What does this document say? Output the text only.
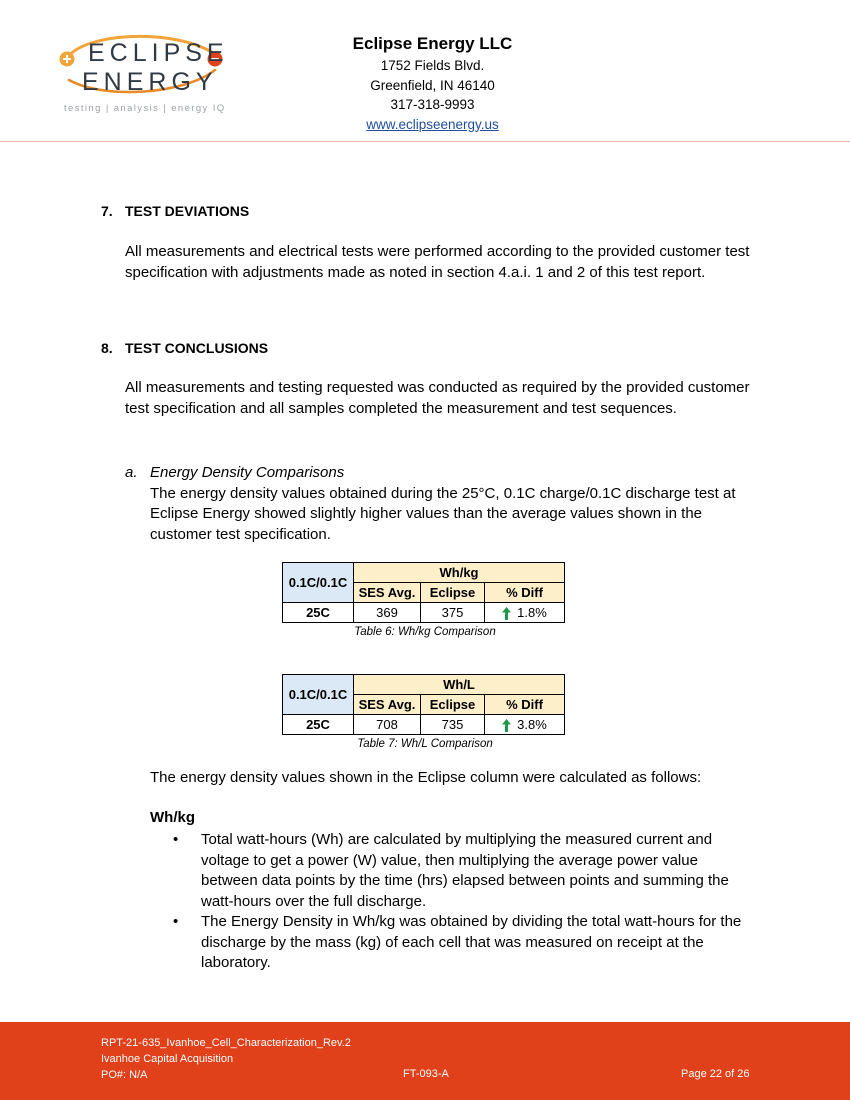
ECLIPSE
ENERGY
testing | analysis | energy IQ
Eclipse Energy LLC
1752 Fields Blvd.
Greenfield, IN 46140
317-318-9993
www.eclipseenergy.us
7. TEST DEVIATIONS
All measurements and electrical tests were performed according to the provided customer test specification with adjustments made as noted in section 4.a.i. 1 and 2 of this test report.
8. TEST CONCLUSIONS
All measurements and testing requested was conducted as required by the provided customer test specification and all samples completed the measurement and test sequences.
a. Energy Density Comparisons
The energy density values obtained during the 25°C, 0.1C charge/0.1C discharge test at Eclipse Energy showed slightly higher values than the average values shown in the customer test specification.
0.1C/0.1C	Wh/kg		
	SES Avg.	Eclipse	% Diff
25C	369	375	1.8%
Table 6: Wh/kg Comparison
0.1C/0.1C	Wh/L		
	SES Avg.	Eclipse	% Diff
25C	708	735	3.8%
Table 7: Wh/L Comparison
The energy density values shown in the Eclipse column were calculated as follows:
Wh/kg
•	Total watt-hours (Wh) are calculated by multiplying the measured current and voltage to get a power (W) value, then multiplying the average power value between data points by the time (hrs) elapsed between points and summing the watt-hours over the full discharge.
•	The Energy Density in Wh/kg was obtained by dividing the total watt-hours for the discharge by the mass (kg) of each cell that was measured on receipt at the laboratory.
RPT-21-635_Ivanhoe_Cell_Characterization_Rev.2
Ivanhoe Capital Acquisition
PO#: N/A	FT-093-A	Page 22 of 26
